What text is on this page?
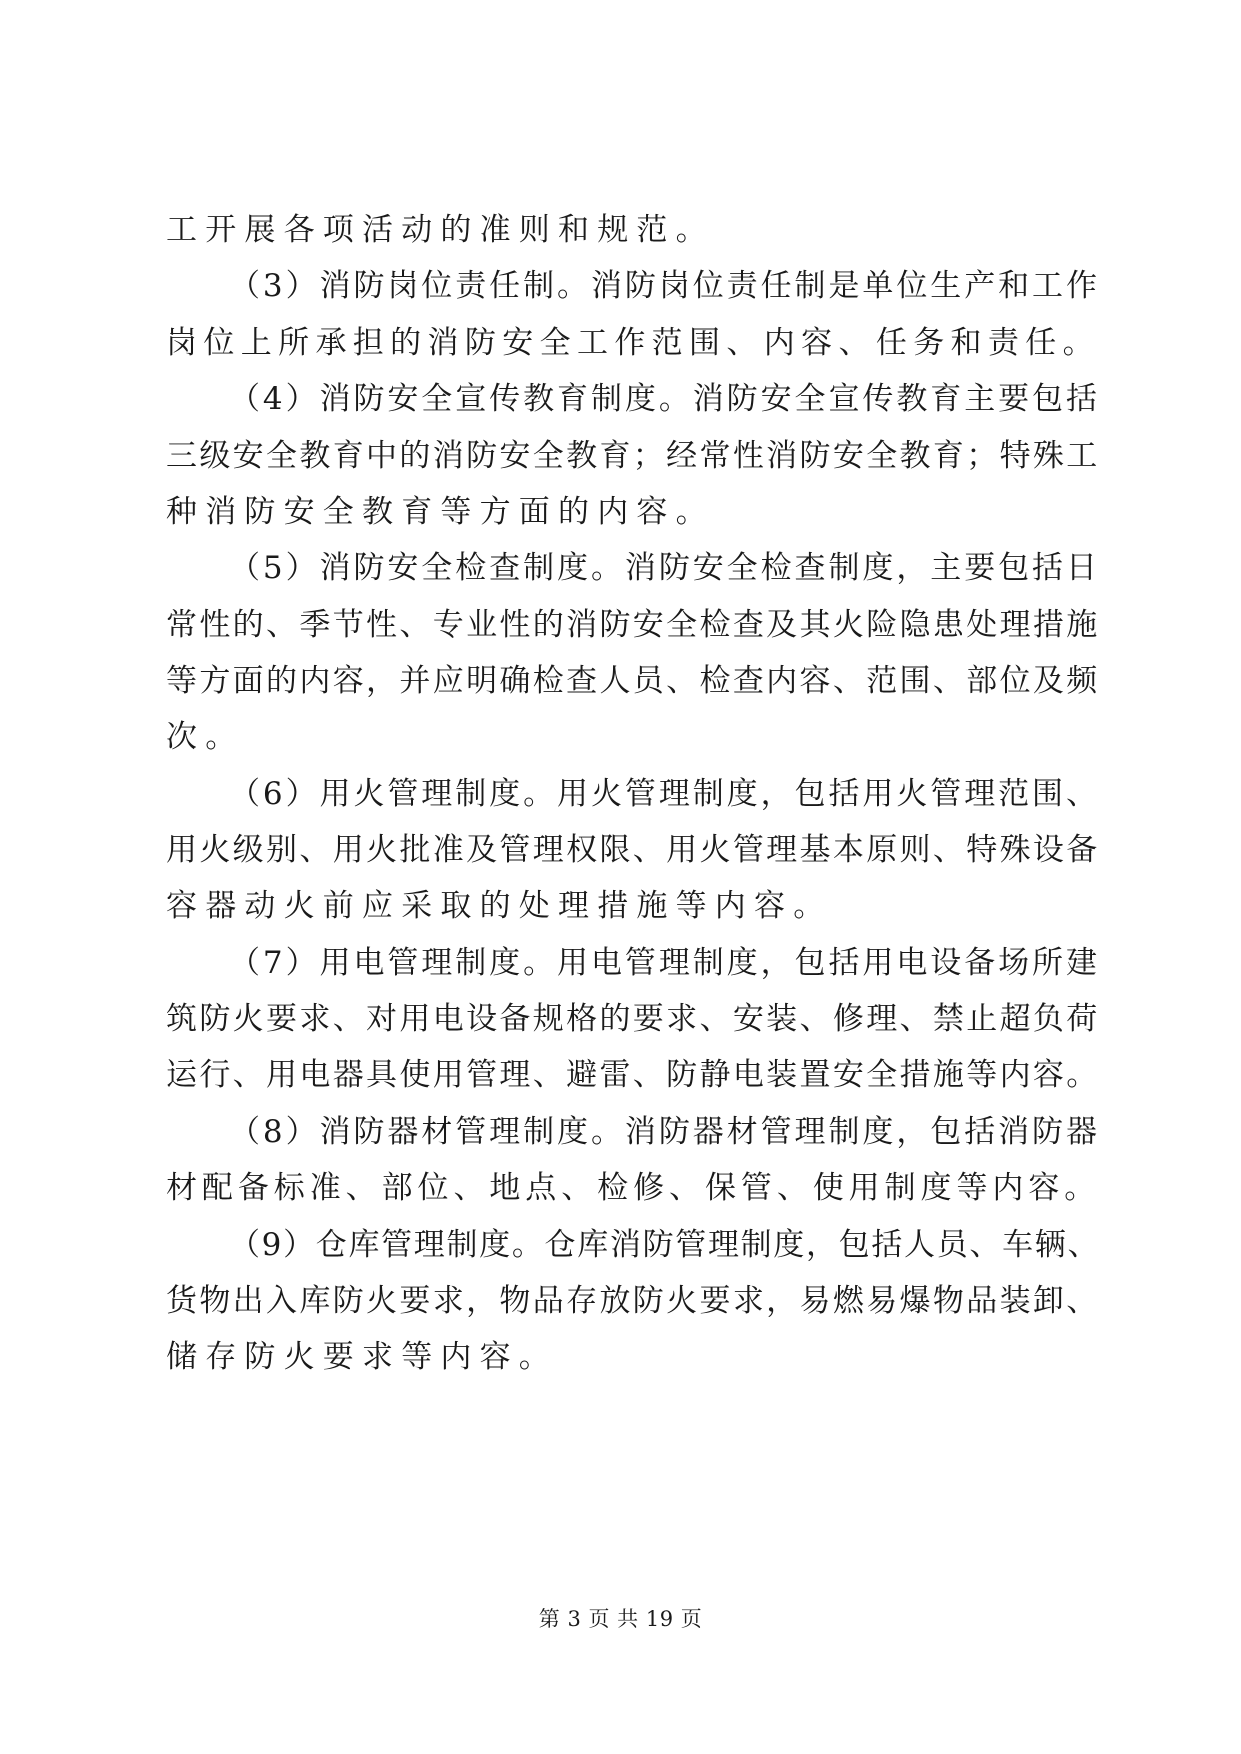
工开展各项活动的准则和规范。
（3）消防岗位责任制。消防岗位责任制是单位生产和工作
岗位上所承担的消防安全工作范围、内容、任务和责任。
（4）消防安全宣传教育制度。消防安全宣传教育主要包括
三级安全教育中的消防安全教育；经常性消防安全教育；特殊工
种消防安全教育等方面的内容。
（5）消防安全检查制度。消防安全检查制度，主要包括日
常性的、季节性、专业性的消防安全检查及其火险隐患处理措施
等方面的内容，并应明确检查人员、检查内容、范围、部位及频
次。
（6）用火管理制度。用火管理制度，包括用火管理范围、
用火级别、用火批准及管理权限、用火管理基本原则、特殊设备
容器动火前应采取的处理措施等内容。
（7）用电管理制度。用电管理制度，包括用电设备场所建
筑防火要求、对用电设备规格的要求、安装、修理、禁止超负荷
运行、用电器具使用管理、避雷、防静电装置安全措施等内容。
（8）消防器材管理制度。消防器材管理制度，包括消防器
材配备标准、部位、地点、检修、保管、使用制度等内容。
（9）仓库管理制度。仓库消防管理制度，包括人员、车辆、
货物出入库防火要求，物品存放防火要求，易燃易爆物品装卸、
储存防火要求等内容。
第 3 页 共 19 页
